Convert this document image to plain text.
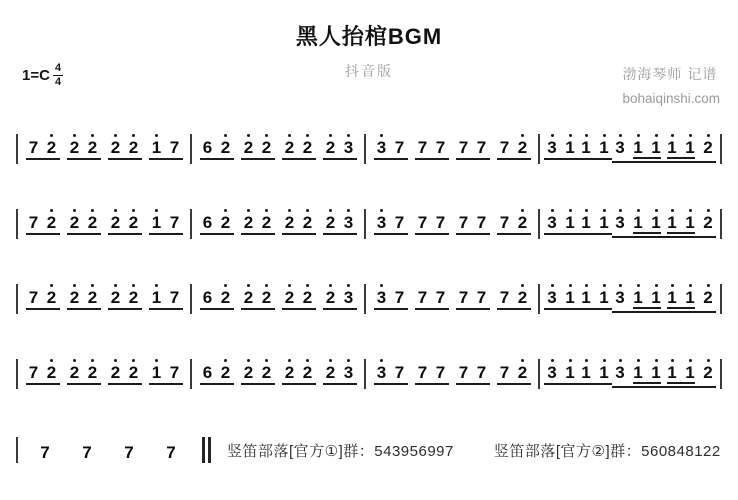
黑人抬棺BGM
抖音版
$1=C \frac{4}{4}$	渤海琴师 记谱
bohaiqinshi.com
7 2 2 2 2 2 1 7 6 2 2 2 2 2 2 3 3 7 7 7 7 7 7 2 3 1 1 1 3 1 1 1 1 2
7 2 2 2 2 2 1 7 6 2 2 2 2 2 2 3 3 7 7 7 7 7 7 2 3 1 1 1 3 1 1 1 1 2
7 2 2 2 2 2 1 7 6 2 2 2 2 2 2 3 3 7 7 7 7 7 7 2 3 1 1 1 3 1 1 1 1 2
7 2 2 2 2 2 1 7 6 2 2 2 2 2 2 3 3 7 7 7 7 7 7 2 3 1 1 1 3 1 1 1 1 2
7 7 7 7	竖笛部落[官方①]群：543956997	竖笛部落[官方②]群：560848122
